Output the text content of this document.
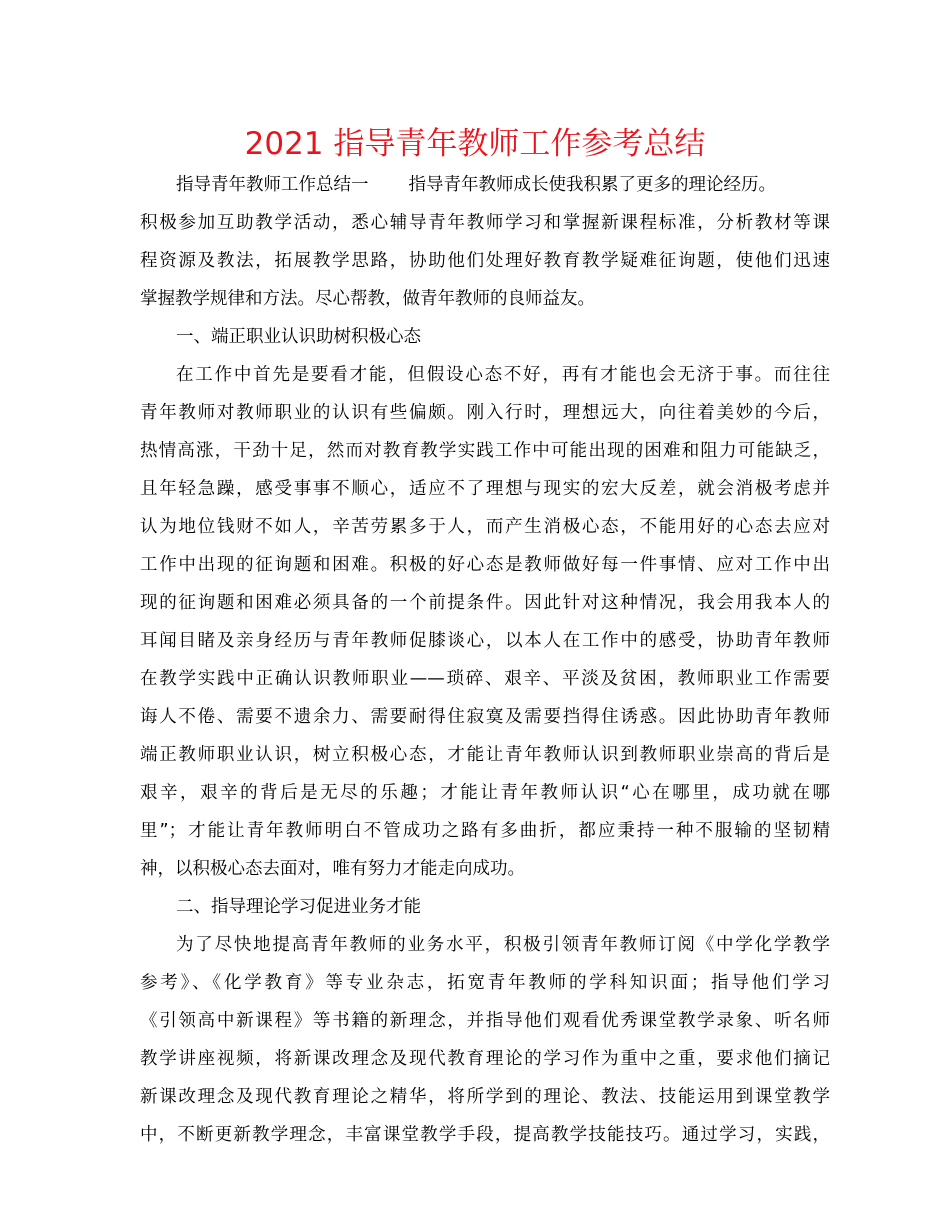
2021 指导青年教师工作参考总结
指导青年教师工作总结一 指导青年教师成长使我积累了更多的理论经历。
积极参加互助教学活动，悉心辅导青年教师学习和掌握新课程标准，分析教材等课
程资源及教法，拓展教学思路，协助他们处理好教育教学疑难征询题，使他们迅速
掌握教学规律和方法。尽心帮教，做青年教师的良师益友。
一、端正职业认识助树积极心态
在工作中首先是要看才能，但假设心态不好，再有才能也会无济于事。而往往
青年教师对教师职业的认识有些偏颇。刚入行时，理想远大，向往着美妙的今后，
热情高涨，干劲十足，然而对教育教学实践工作中可能出现的困难和阻力可能缺乏，
且年轻急躁，感受事事不顺心，适应不了理想与现实的宏大反差，就会消极考虑并
认为地位钱财不如人，辛苦劳累多于人，而产生消极心态，不能用好的心态去应对
工作中出现的征询题和困难。积极的好心态是教师做好每一件事情、应对工作中出
现的征询题和困难必须具备的一个前提条件。因此针对这种情况，我会用我本人的
耳闻目睹及亲身经历与青年教师促膝谈心，以本人在工作中的感受，协助青年教师
在教学实践中正确认识教师职业——琐碎、艰辛、平淡及贫困，教师职业工作需要
诲人不倦、需要不遗余力、需要耐得住寂寞及需要挡得住诱惑。因此协助青年教师
端正教师职业认识，树立积极心态，才能让青年教师认识到教师职业崇高的背后是
艰辛，艰辛的背后是无尽的乐趣；才能让青年教师认识“心在哪里，成功就在哪
里”；才能让青年教师明白不管成功之路有多曲折，都应秉持一种不服输的坚韧精
神，以积极心态去面对，唯有努力才能走向成功。
二、指导理论学习促进业务才能
为了尽快地提高青年教师的业务水平，积极引领青年教师订阅《中学化学教学
参考》、《化学教育》等专业杂志，拓宽青年教师的学科知识面；指导他们学习
《引领高中新课程》等书籍的新理念，并指导他们观看优秀课堂教学录象、听名师
教学讲座视频，将新课改理念及现代教育理论的学习作为重中之重，要求他们摘记
新课改理念及现代教育理论之精华，将所学到的理论、教法、技能运用到课堂教学
中，不断更新教学理念，丰富课堂教学手段，提高教学技能技巧。通过学习，实践，
